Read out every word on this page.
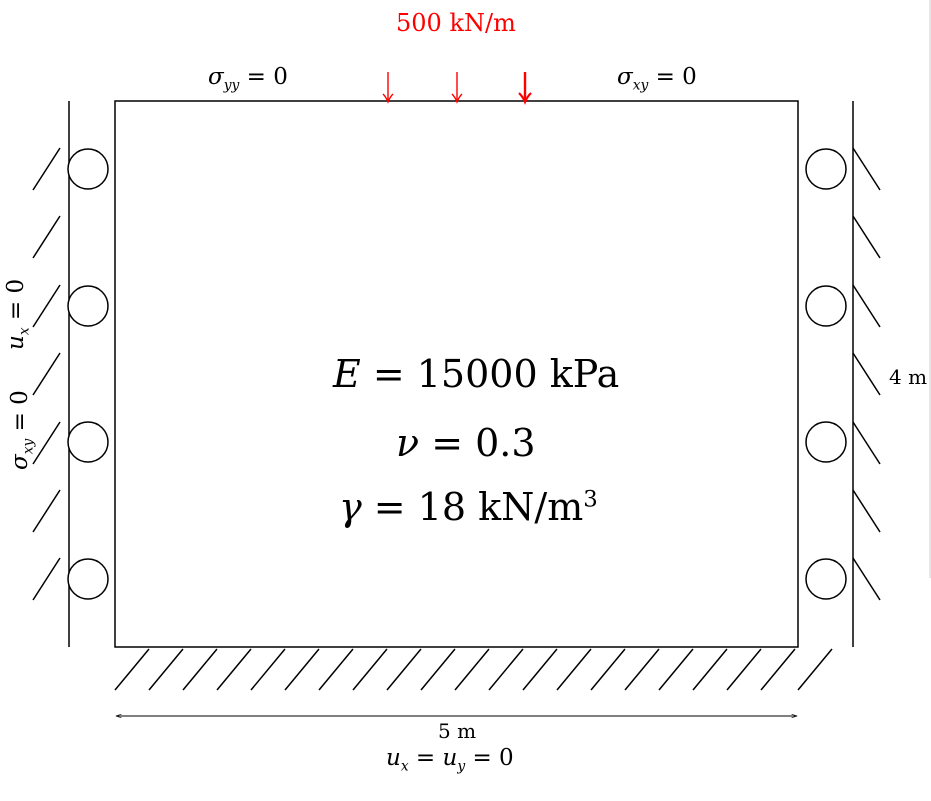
500 kN/m
$\sigma_{yy} = 0$	$\sigma_{xy} = 0$
$u_x = 0$
$\sigma_{xy} = 0$
4 m
5 m
$u_x = u_y = 0$
E = 15000 kPa
ν = 0.3
γ = 18 $kN/m^3$
